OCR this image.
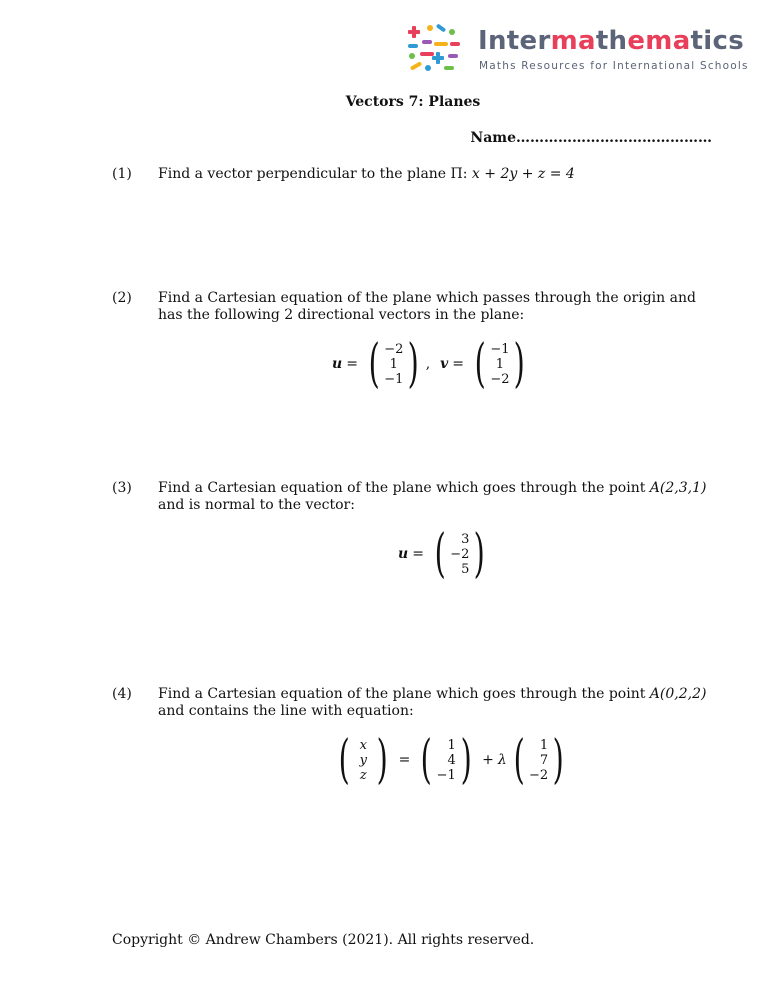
Intermathematics
Maths Resources for International Schools
Vectors 7: Planes
Name……………………………………
(1) Find a vector perpendicular to the plane Π: x + 2y + z = 4
(2) Find a Cartesian equation of the plane which passes through the origin and has the following 2 directional vectors in the plane:
u = ( −2
1
−1 ) , v = ( −1
1
−2 )
(3) Find a Cartesian equation of the plane which goes through the point A(2,3,1) and is normal to the vector:
u = ( 3
−2
5 )
(4) Find a Cartesian equation of the plane which goes through the point A(0,2,2) and contains the line with equation:
( x
y
z ) = ( 1
4
−1 ) + λ ( 1
7
−2 )
Copyright © Andrew Chambers (2021). All rights reserved.
